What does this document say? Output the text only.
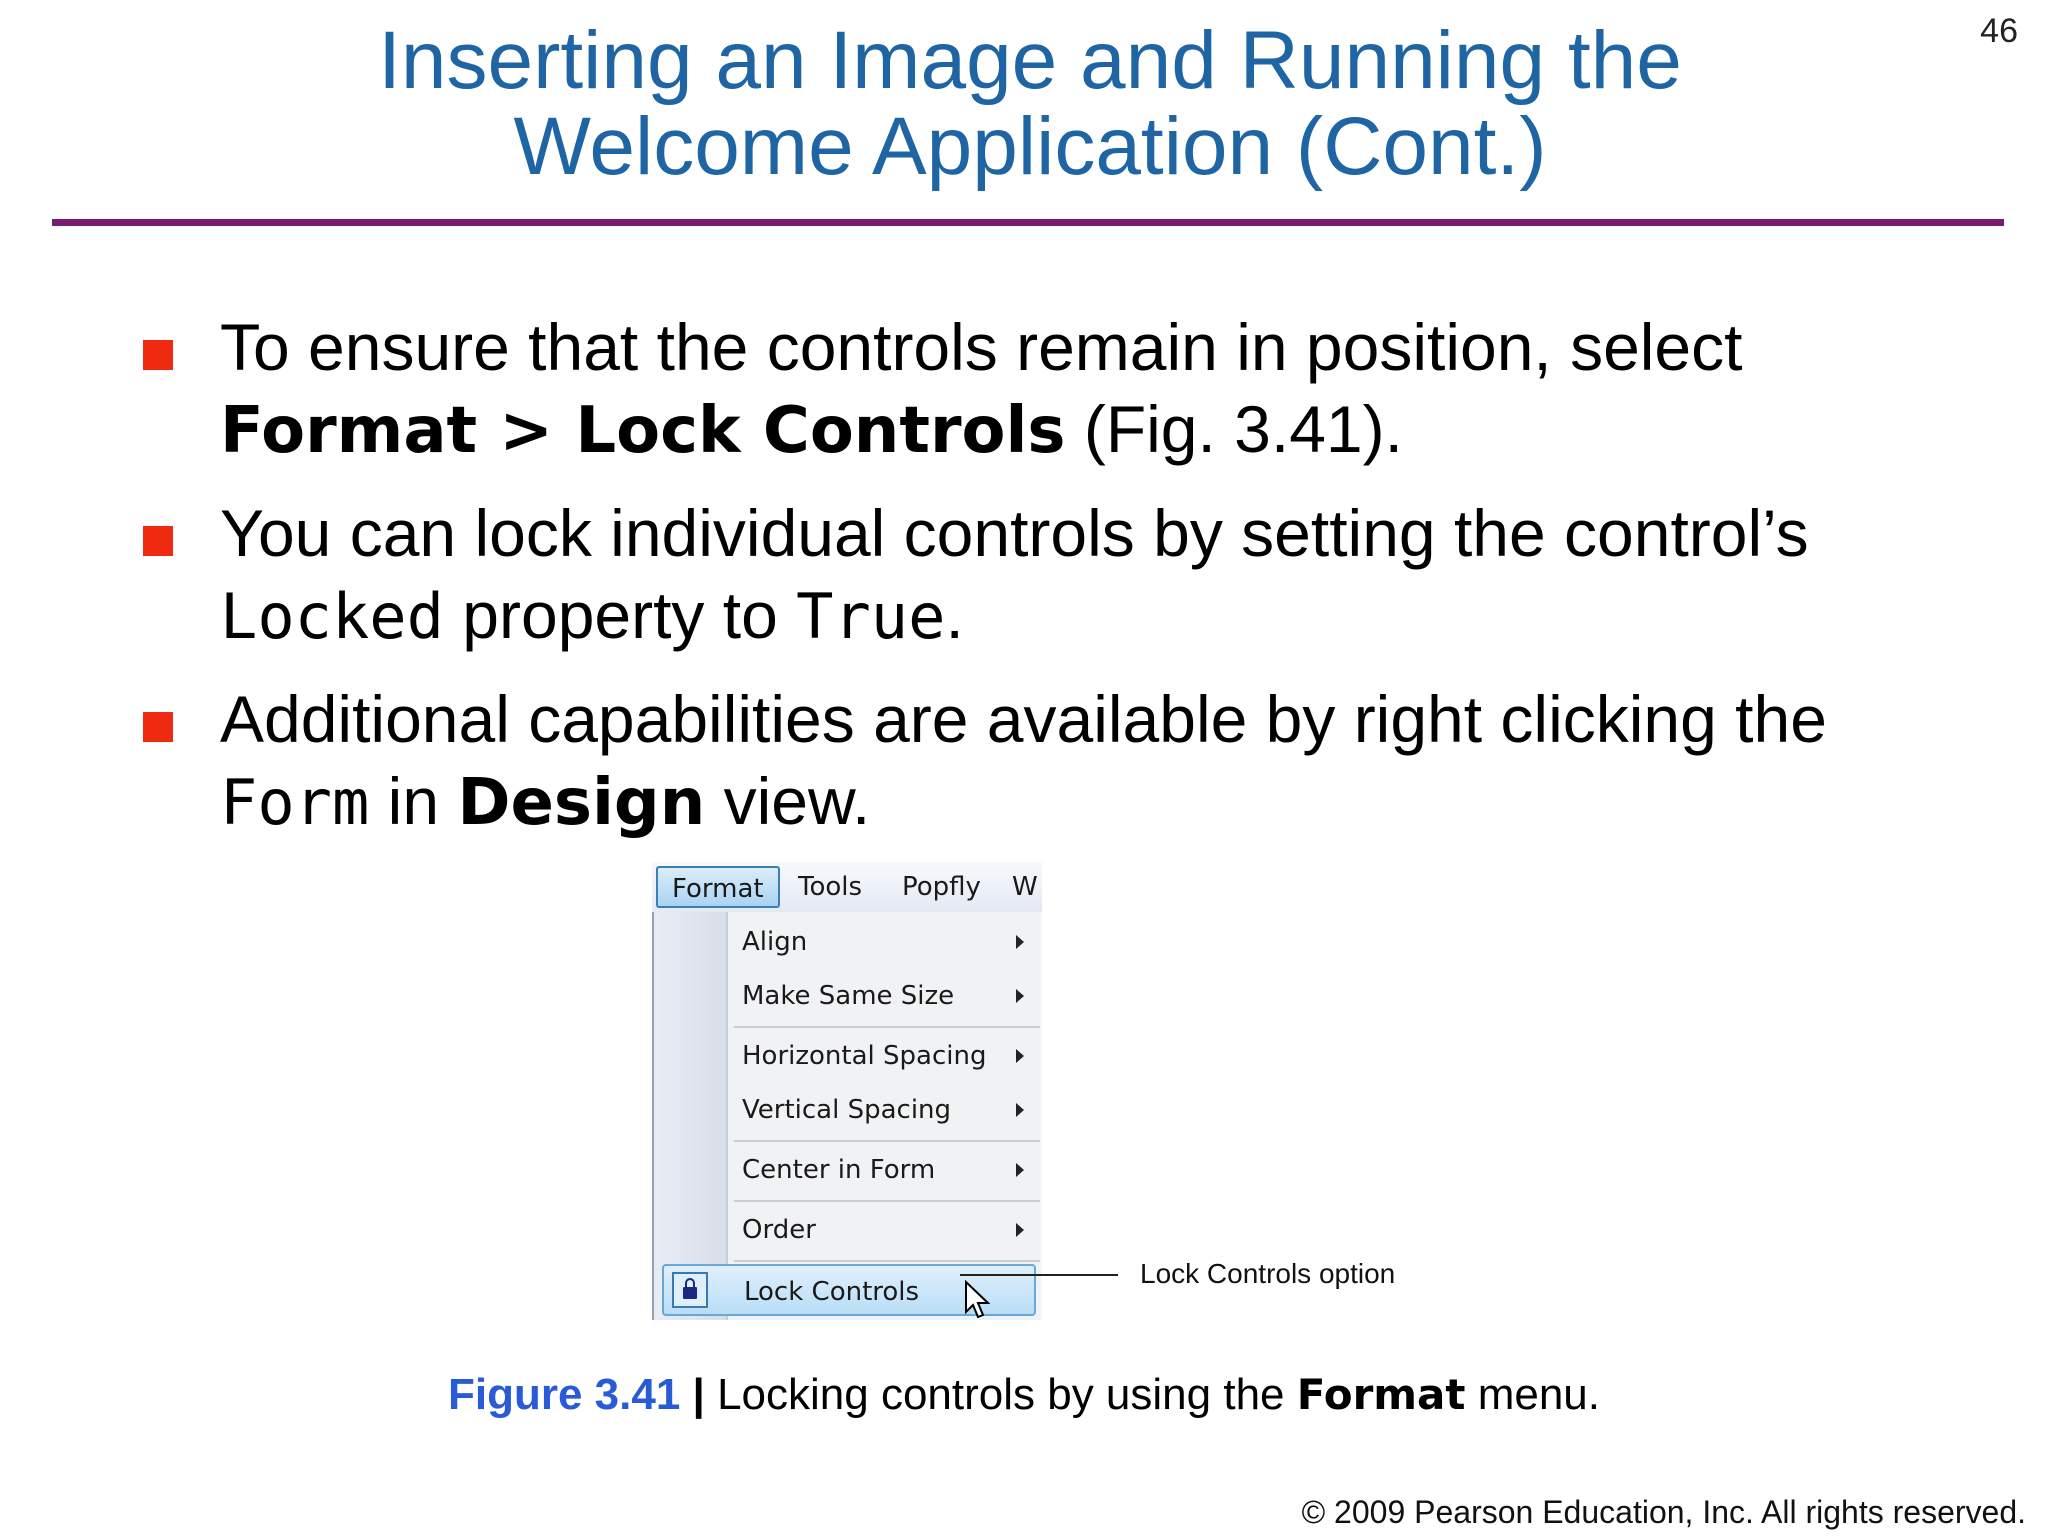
46
Inserting an Image and Running the
Welcome Application (Cont.)
To ensure that the controls remain in position, select
Format > Lock Controls (Fig. 3.41).
You can lock individual controls by setting the control’s
Locked property to True.
Additional capabilities are available by right clicking the
Form in Design view.
Format	Tools	Popfly	W
Align
Make Same Size
Horizontal Spacing
Vertical Spacing
Center in Form
Order
Lock Controls
Lock Controls option
Figure 3.41 | Locking controls by using the Format menu.
© 2009 Pearson Education, Inc. All rights reserved.
